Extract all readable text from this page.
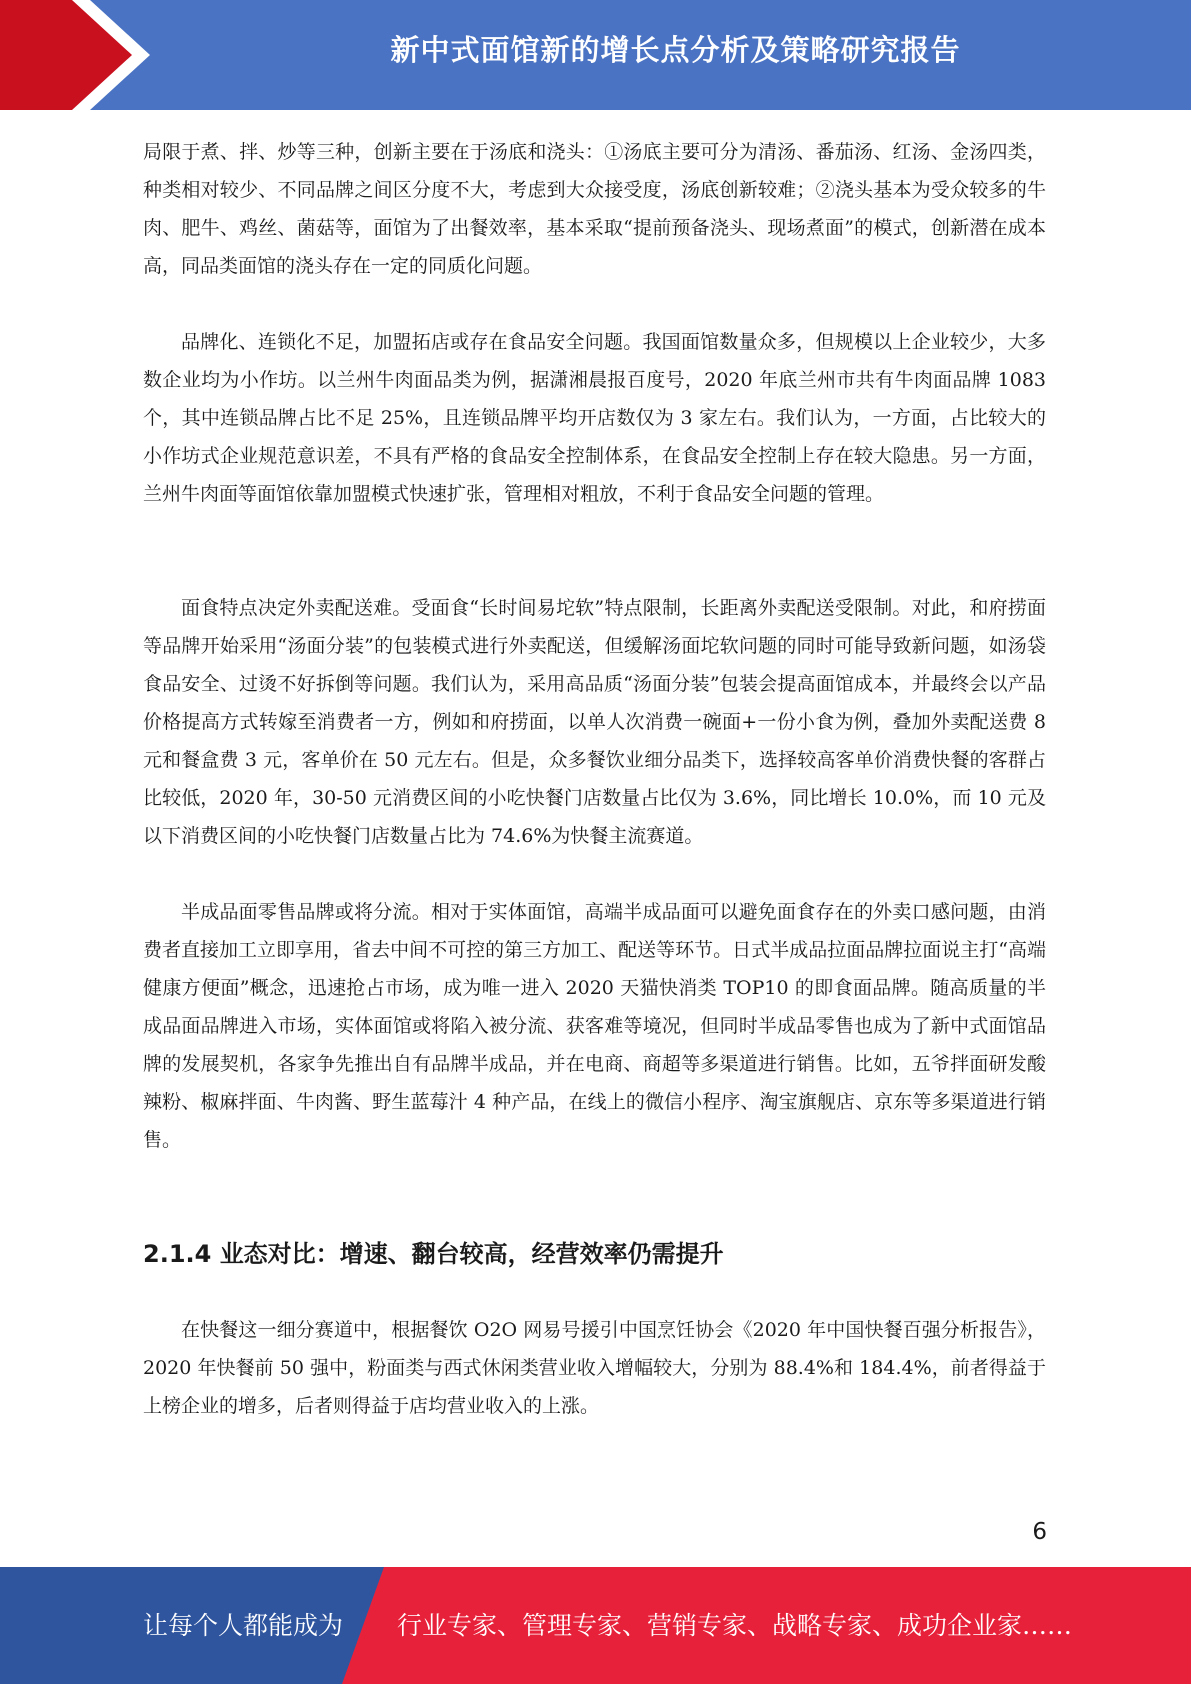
新中式面馆新的增长点分析及策略研究报告

局限于煮、拌、炒等三种，创新主要在于汤底和浇头：①汤底主要可分为清汤、番茄汤、红汤、金汤四类，种类相对较少、不同品牌之间区分度不大，考虑到大众接受度，汤底创新较难；②浇头基本为受众较多的牛肉、肥牛、鸡丝、菌菇等，面馆为了出餐效率，基本采取“提前预备浇头、现场煮面”的模式，创新潜在成本高，同品类面馆的浇头存在一定的同质化问题。

品牌化、连锁化不足，加盟拓店或存在食品安全问题。我国面馆数量众多，但规模以上企业较少，大多数企业均为小作坊。以兰州牛肉面品类为例，据潇湘晨报百度号，2020 年底兰州市共有牛肉面品牌 1083 个，其中连锁品牌占比不足 25%，且连锁品牌平均开店数仅为 3 家左右。我们认为，一方面，占比较大的小作坊式企业规范意识差，不具有严格的食品安全控制体系，在食品安全控制上存在较大隐患。另一方面，兰州牛肉面等面馆依靠加盟模式快速扩张，管理相对粗放，不利于食品安全问题的管理。

面食特点决定外卖配送难。受面食“长时间易坨软”特点限制，长距离外卖配送受限制。对此，和府捞面等品牌开始采用“汤面分装”的包装模式进行外卖配送，但缓解汤面坨软问题的同时可能导致新问题，如汤袋食品安全、过烫不好拆倒等问题。我们认为，采用高品质“汤面分装”包装会提高面馆成本，并最终会以产品价格提高方式转嫁至消费者一方，例如和府捞面，以单人次消费一碗面+一份小食为例，叠加外卖配送费 8 元和餐盒费 3 元，客单价在 50 元左右。但是，众多餐饮业细分品类下，选择较高客单价消费快餐的客群占比较低，2020 年，30-50 元消费区间的小吃快餐门店数量占比仅为 3.6%，同比增长 10.0%，而 10 元及以下消费区间的小吃快餐门店数量占比为 74.6%为快餐主流赛道。

半成品面零售品牌或将分流。相对于实体面馆，高端半成品面可以避免面食存在的外卖口感问题，由消费者直接加工立即享用，省去中间不可控的第三方加工、配送等环节。日式半成品拉面品牌拉面说主打“高端健康方便面”概念，迅速抢占市场，成为唯一进入 2020 天猫快消类 TOP10 的即食面品牌。随高质量的半成品面品牌进入市场，实体面馆或将陷入被分流、获客难等境况，但同时半成品零售也成为了新中式面馆品牌的发展契机，各家争先推出自有品牌半成品，并在电商、商超等多渠道进行销售。比如，五爷拌面研发酸辣粉、椒麻拌面、牛肉酱、野生蓝莓汁 4 种产品，在线上的微信小程序、淘宝旗舰店、京东等多渠道进行销售。

2.1.4 业态对比：增速、翻台较高，经营效率仍需提升

在快餐这一细分赛道中，根据餐饮 O2O 网易号援引中国烹饪协会《2020 年中国快餐百强分析报告》，2020 年快餐前 50 强中，粉面类与西式休闲类营业收入增幅较大，分别为 88.4%和 184.4%，前者得益于上榜企业的增多，后者则得益于店均营业收入的上涨。

6
让每个人都能成为 行业专家、管理专家、营销专家、战略专家、成功企业家……
